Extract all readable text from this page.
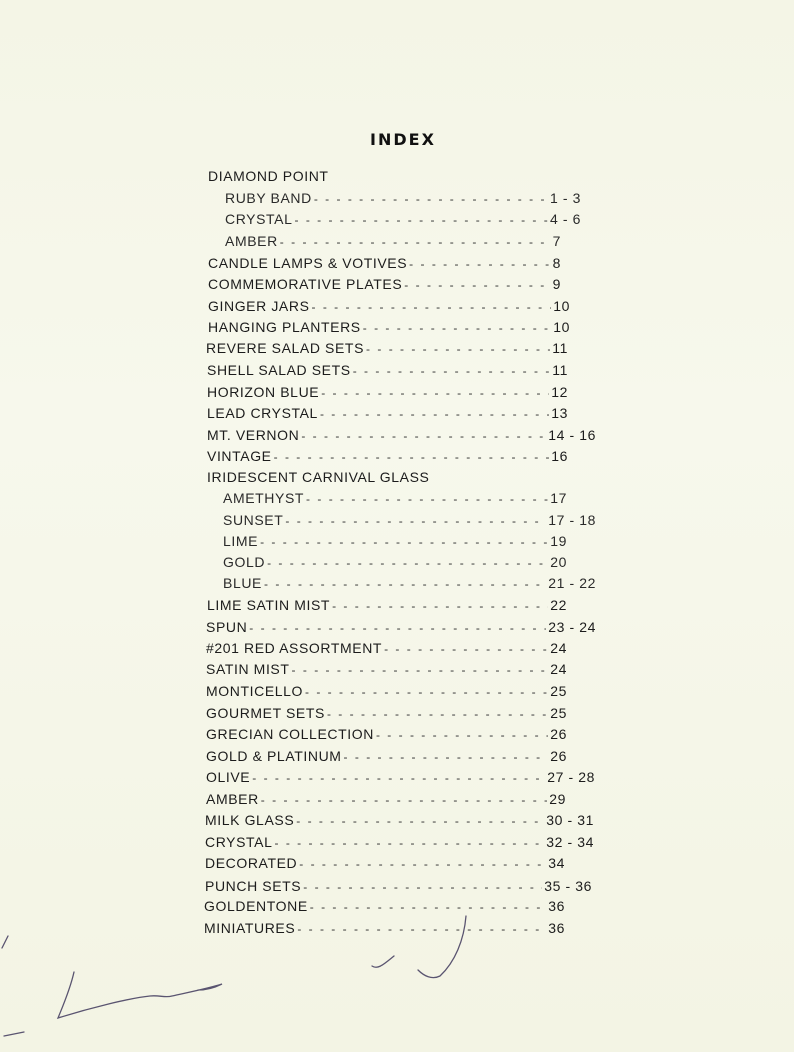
INDEX
DIAMOND POINT
RUBY BAND - - -	1 - 3
CRYSTAL - - -	4 - 6
AMBER - - -	7
CANDLE LAMPS & VOTIVES - - -	8
COMMEMORATIVE PLATES - - -	9
GINGER JARS - - -	10
HANGING PLANTERS - - -	10
REVERE SALAD SETS - - -	11
SHELL SALAD SETS - - -	11
HORIZON BLUE - - -	12
LEAD CRYSTAL - - -	13
MT. VERNON - - -	14 - 16
VINTAGE - - -	16
IRIDESCENT CARNIVAL GLASS
AMETHYST - - -	17
SUNSET - - -	17 - 18
LIME - - -	19
GOLD - - -	20
BLUE - - -	21 - 22
LIME SATIN MIST - - -	22
SPUN - - -	23 - 24
#201 RED ASSORTMENT - - -	24
SATIN MIST - - -	24
MONTICELLO - - -	25
GOURMET SETS - - -	25
GRECIAN COLLECTION - - -	26
GOLD & PLATINUM - - -	26
OLIVE - - -	27 - 28
AMBER - - -	29
MILK GLASS - - -	30 - 31
CRYSTAL - - -	32 - 34
DECORATED - - -	34
PUNCH SETS - - -	35 - 36
GOLDENTONE - - -	36
MINIATURES - - -	36
